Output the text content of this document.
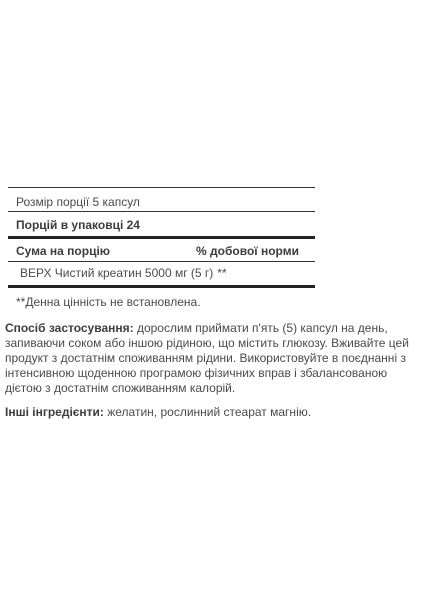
Розмір порції 5 капсул
Порцій в упаковці 24
Сума на порцію	% добової норми
ВЕРХ Чистий креатин 5000 мг (5 г) **
**Денна цінність не встановлена.

Спосіб застосування: дорослим приймати п'ять (5) капсул на день, запиваючи соком або іншою рідиною, що містить глюкозу. Вживайте цей продукт з достатнім споживанням рідини. Використовуйте в поєднанні з інтенсивною щоденною програмою фізичних вправ і збалансованою дієтою з достатнім споживанням калорій.

Інші інгредієнти: желатин, рослинний стеарат магнію.
